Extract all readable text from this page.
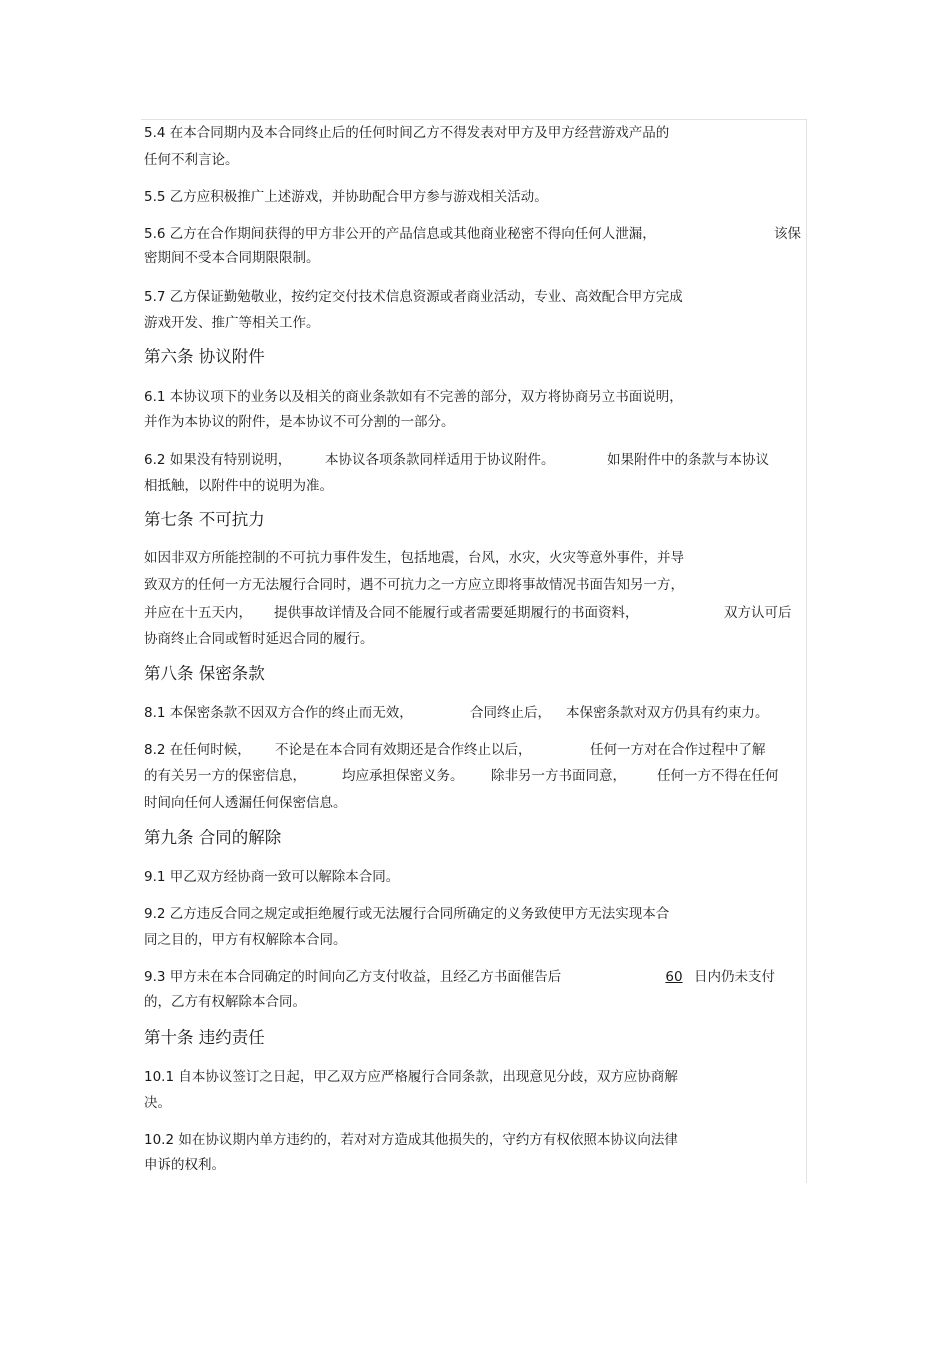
5.4 在本合同期内及本合同终止后的任何时间乙方不得发表对甲方及甲方经营游戏产品的
任何不利言论。
5.5 乙方应积极推广上述游戏，并协助配合甲方参与游戏相关活动。
5.6 乙方在合作期间获得的甲方非公开的产品信息或其他商业秘密不得向任何人泄漏，	该保
密期间不受本合同期限限制。
5.7 乙方保证勤勉敬业，按约定交付技术信息资源或者商业活动，专业、高效配合甲方完成
游戏开发、推广等相关工作。
第六条 协议附件
6.1 本协议项下的业务以及相关的商业条款如有不完善的部分，双方将协商另立书面说明，
并作为本协议的附件，是本协议不可分割的一部分。
6.2 如果没有特别说明， 本协议各项条款同样适用于协议附件。	如果附件中的条款与本协议
相抵触，以附件中的说明为准。
第七条 不可抗力
如因非双方所能控制的不可抗力事件发生，包括地震，台风，水灾，火灾等意外事件，并导
致双方的任何一方无法履行合同时，遇不可抗力之一方应立即将事故情况书面告知另一方，
并应在十五天内， 提供事故详情及合同不能履行或者需要延期履行的书面资料，	双方认可后
协商终止合同或暂时延迟合同的履行。
第八条 保密条款
8.1 本保密条款不因双方合作的终止而无效，	合同终止后， 本保密条款对双方仍具有约束力。
8.2 在任何时候， 不论是在本合同有效期还是合作终止以后，	任何一方对在合作过程中了解
的有关另一方的保密信息，	均应承担保密义务。 除非另一方书面同意， 任何一方不得在任何
时间向任何人透漏任何保密信息。
第九条 合同的解除
9.1 甲乙双方经协商一致可以解除本合同。
9.2 乙方违反合同之规定或拒绝履行或无法履行合同所确定的义务致使甲方无法实现本合
同之目的，甲方有权解除本合同。
9.3 甲方未在本合同确定的时间向乙方支付收益，且经乙方书面催告后	60 日内仍未支付
的，乙方有权解除本合同。
第十条 违约责任
10.1 自本协议签订之日起，甲乙双方应严格履行合同条款，出现意见分歧，双方应协商解
决。
10.2 如在协议期内单方违约的，若对对方造成其他损失的，守约方有权依照本协议向法律
申诉的权利。
